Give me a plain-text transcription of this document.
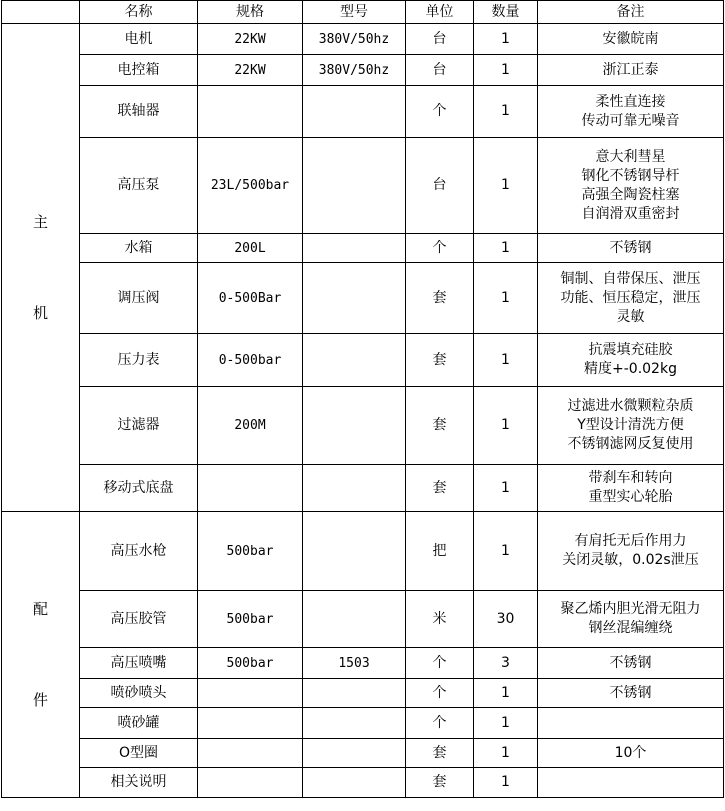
	名称	规格	型号	单位	数量	备注

主
机	电机	22KW	380V/50hz	台	1	安徽皖南

	电控箱	22KW	380V/50hz	台	1	浙江正泰

	联轴器			个	1	柔性直连接
传动可靠无噪音

	高压泵	23L/500bar		台	1	意大利彗星
钢化不锈钢导杆
高强全陶瓷柱塞
自润滑双重密封

	水箱	200L		个	1	不锈钢

	调压阀	0-500Bar		套	1	铜制、自带保压、泄压
功能、恒压稳定，泄压
灵敏

	压力表	0-500bar		套	1	抗震填充硅胶
精度+-0.02kg

	过滤器	200M		套	1	过滤进水微颗粒杂质
Y型设计清洗方便
不锈钢滤网反复使用

	移动式底盘			套	1	带刹车和转向
重型实心轮胎

配
件	高压水枪	500bar		把	1	有肩托无后作用力
关闭灵敏，0.02s泄压

	高压胶管	500bar		米	30	聚乙烯内胆光滑无阻力
钢丝混编缠绕

	高压喷嘴	500bar	1503	个	3	不锈钢

	喷砂喷头			个	1	不锈钢

	喷砂罐			个	1	
	O型圈			套	1	10个

	相关说明			套	1	
